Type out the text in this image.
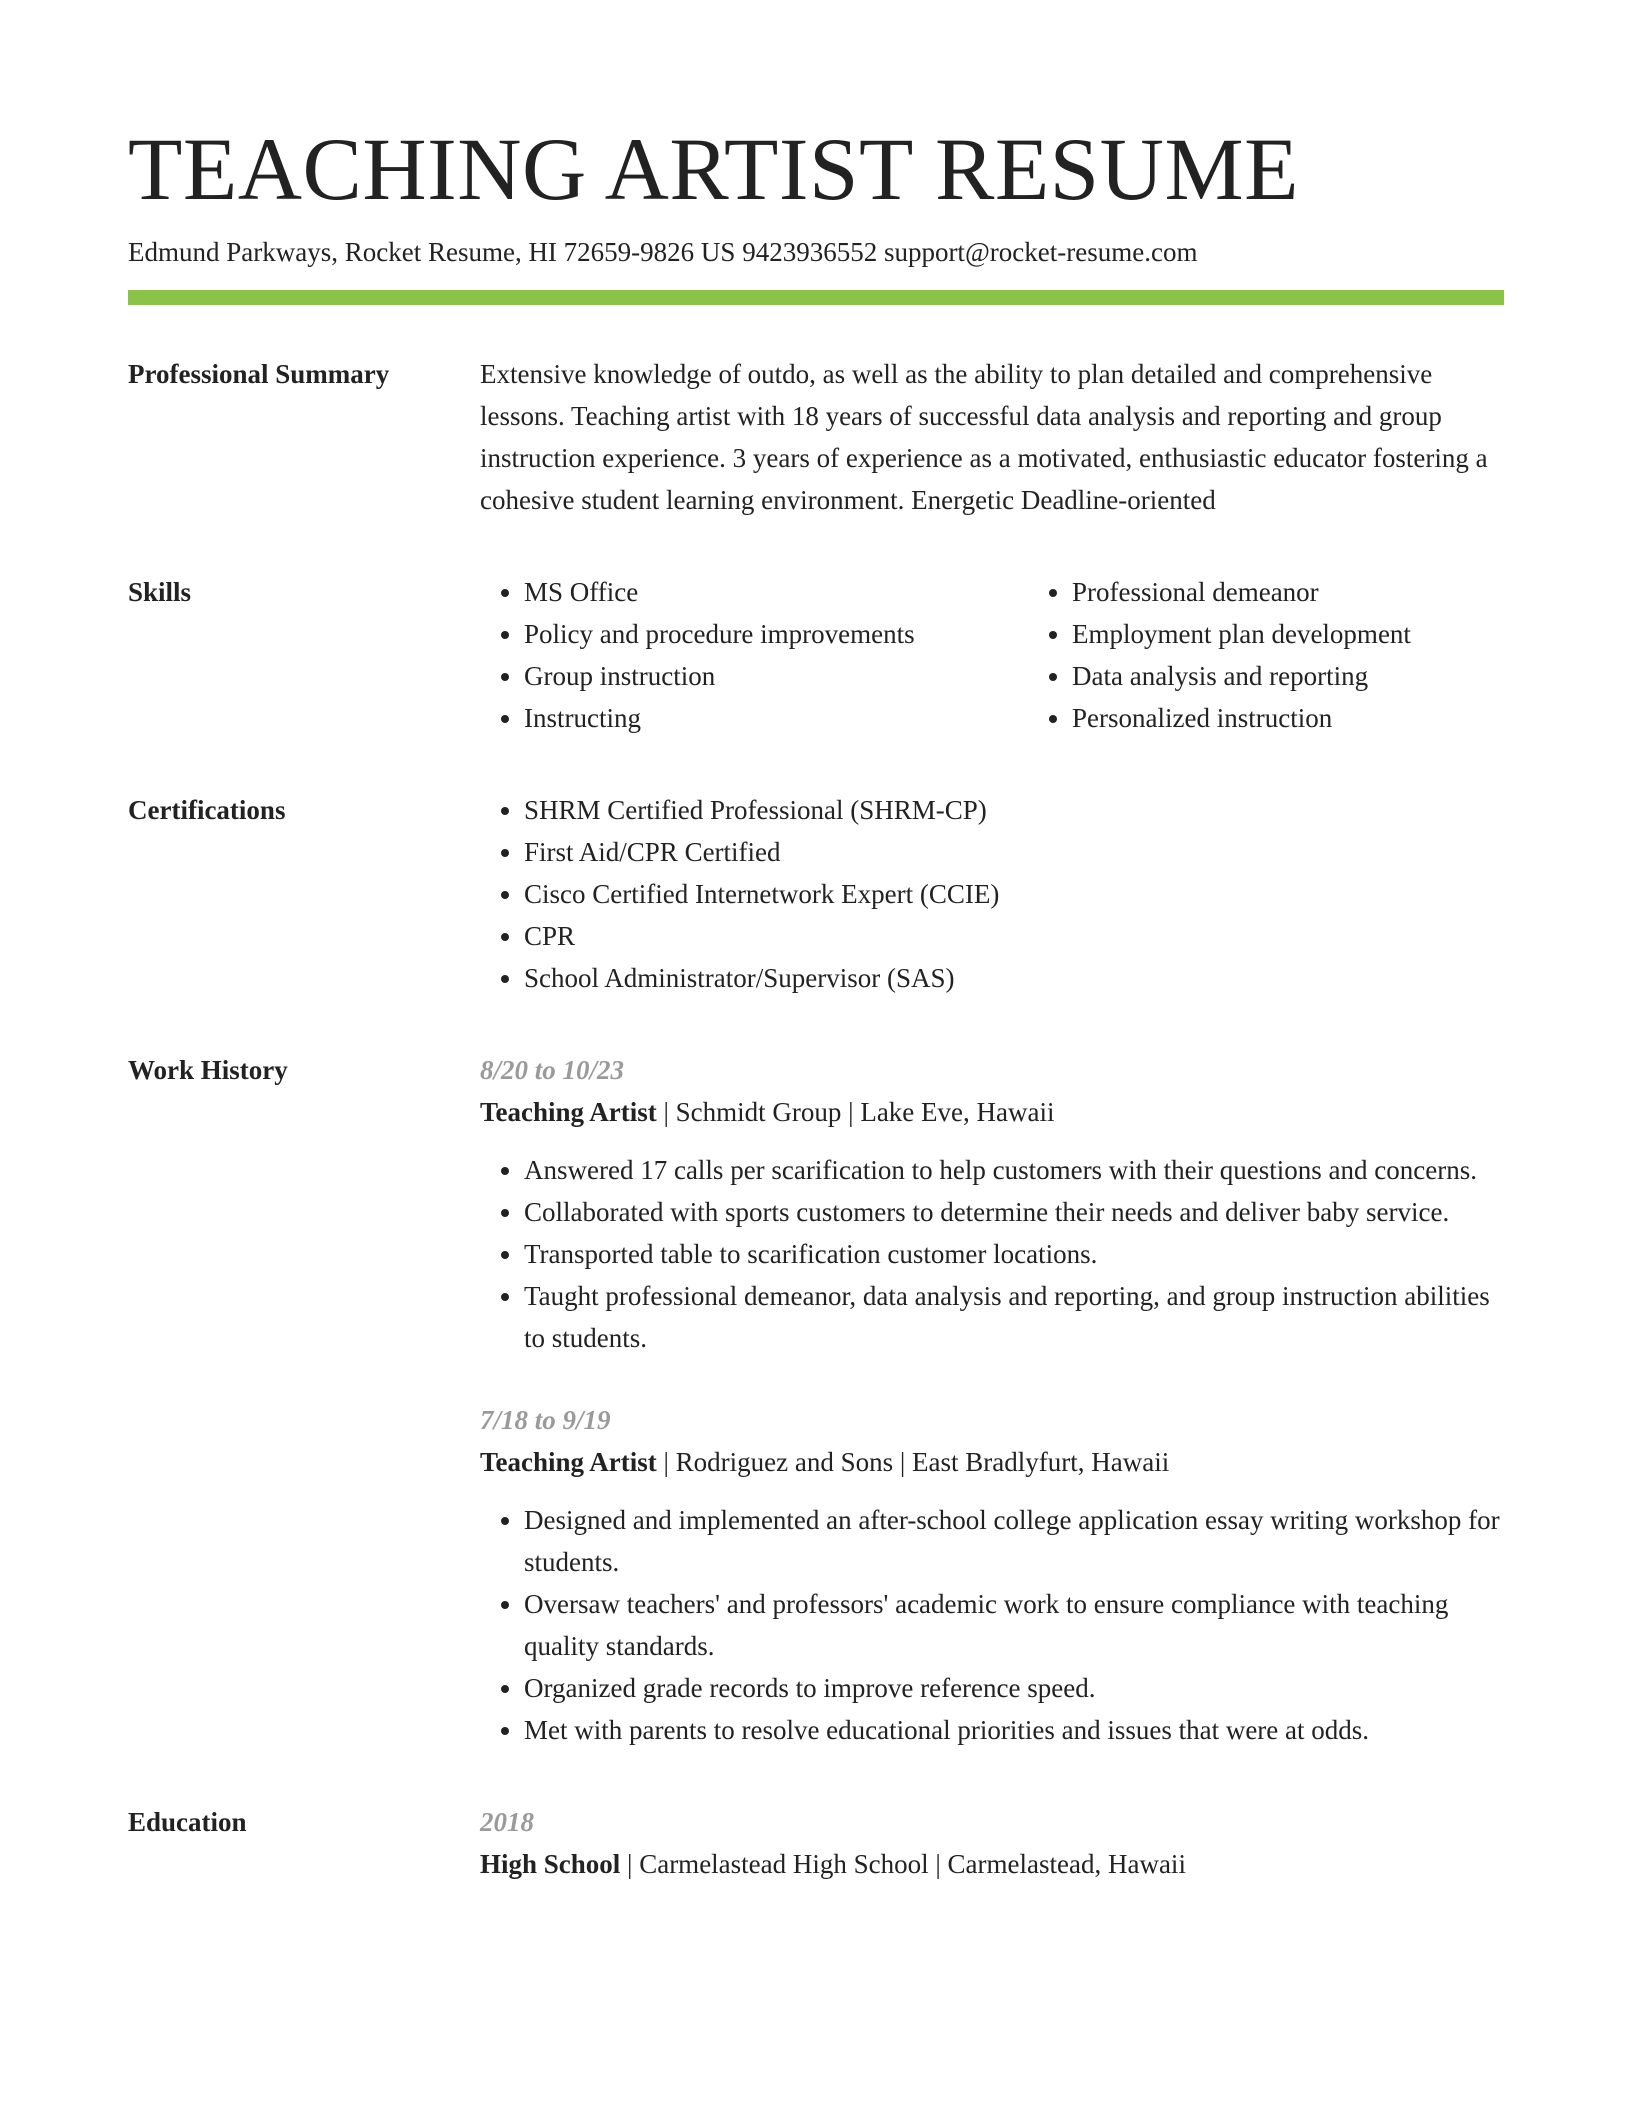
TEACHING ARTIST RESUME
Edmund Parkways, Rocket Resume, HI 72659-9826 US 9423936552 support@rocket-resume.com
Professional Summary	Extensive knowledge of outdo, as well as the ability to plan detailed and comprehensive lessons. Teaching artist with 18 years of successful data analysis and reporting and group instruction experience. 3 years of experience as a motivated, enthusiastic educator fostering a cohesive student learning environment. Energetic Deadline-oriented
Skills	• MS Office
• Policy and procedure improvements
• Group instruction
• Instructing
• Professional demeanor
• Employment plan development
• Data analysis and reporting
• Personalized instruction
Certifications	• SHRM Certified Professional (SHRM-CP)
• First Aid/CPR Certified
• Cisco Certified Internetwork Expert (CCIE)
• CPR
• School Administrator/Supervisor (SAS)
Work History	8/20 to 10/23
Teaching Artist | Schmidt Group | Lake Eve, Hawaii
• Answered 17 calls per scarification to help customers with their questions and concerns.
• Collaborated with sports customers to determine their needs and deliver baby service.
• Transported table to scarification customer locations.
• Taught professional demeanor, data analysis and reporting, and group instruction abilities to students.
7/18 to 9/19
Teaching Artist | Rodriguez and Sons | East Bradlyfurt, Hawaii
• Designed and implemented an after-school college application essay writing workshop for students.
• Oversaw teachers' and professors' academic work to ensure compliance with teaching quality standards.
• Organized grade records to improve reference speed.
• Met with parents to resolve educational priorities and issues that were at odds.
Education	2018
High School | Carmelastead High School | Carmelastead, Hawaii
